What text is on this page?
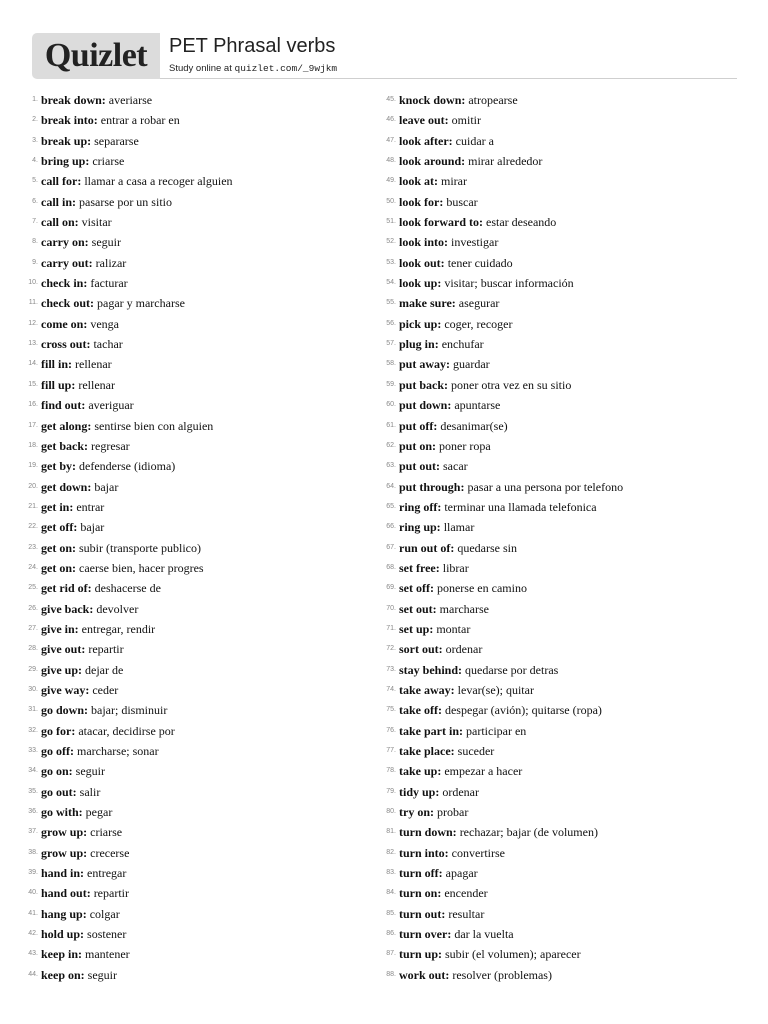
Quizlet	PET Phrasal verbs
Study online at quizlet.com/_9wjkm
1. break down: averiarse
2. break into: entrar a robar en
3. break up: separarse
4. bring up: criarse
5. call for: llamar a casa a recoger alguien
6. call in: pasarse por un sitio
7. call on: visitar
8. carry on: seguir
9. carry out: ralizar
10. check in: facturar
11. check out: pagar y marcharse
12. come on: venga
13. cross out: tachar
14. fill in: rellenar
15. fill up: rellenar
16. find out: averiguar
17. get along: sentirse bien con alguien
18. get back: regresar
19. get by: defenderse (idioma)
20. get down: bajar
21. get in: entrar
22. get off: bajar
23. get on: subir (transporte publico)
24. get on: caerse bien, hacer progres
25. get rid of: deshacerse de
26. give back: devolver
27. give in: entregar, rendir
28. give out: repartir
29. give up: dejar de
30. give way: ceder
31. go down: bajar; disminuir
32. go for: atacar, decidirse por
33. go off: marcharse; sonar
34. go on: seguir
35. go out: salir
36. go with: pegar
37. grow up: criarse
38. grow up: crecerse
39. hand in: entregar
40. hand out: repartir
41. hang up: colgar
42. hold up: sostener
43. keep in: mantener
44. keep on: seguir
45. knock down: atropearse
46. leave out: omitir
47. look after: cuidar a
48. look around: mirar alrededor
49. look at: mirar
50. look for: buscar
51. look forward to: estar deseando
52. look into: investigar
53. look out: tener cuidado
54. look up: visitar; buscar información
55. make sure: asegurar
56. pick up: coger, recoger
57. plug in: enchufar
58. put away: guardar
59. put back: poner otra vez en su sitio
60. put down: apuntarse
61. put off: desanimar(se)
62. put on: poner ropa
63. put out: sacar
64. put through: pasar a una persona por telefono
65. ring off: terminar una llamada telefonica
66. ring up: llamar
67. run out of: quedarse sin
68. set free: librar
69. set off: ponerse en camino
70. set out: marcharse
71. set up: montar
72. sort out: ordenar
73. stay behind: quedarse por detras
74. take away: levar(se); quitar
75. take off: despegar (avión); quitarse (ropa)
76. take part in: participar en
77. take place: suceder
78. take up: empezar a hacer
79. tidy up: ordenar
80. try on: probar
81. turn down: rechazar; bajar (de volumen)
82. turn into: convertirse
83. turn off: apagar
84. turn on: encender
85. turn out: resultar
86. turn over: dar la vuelta
87. turn up: subir (el volumen); aparecer
88. work out: resolver (problemas)
